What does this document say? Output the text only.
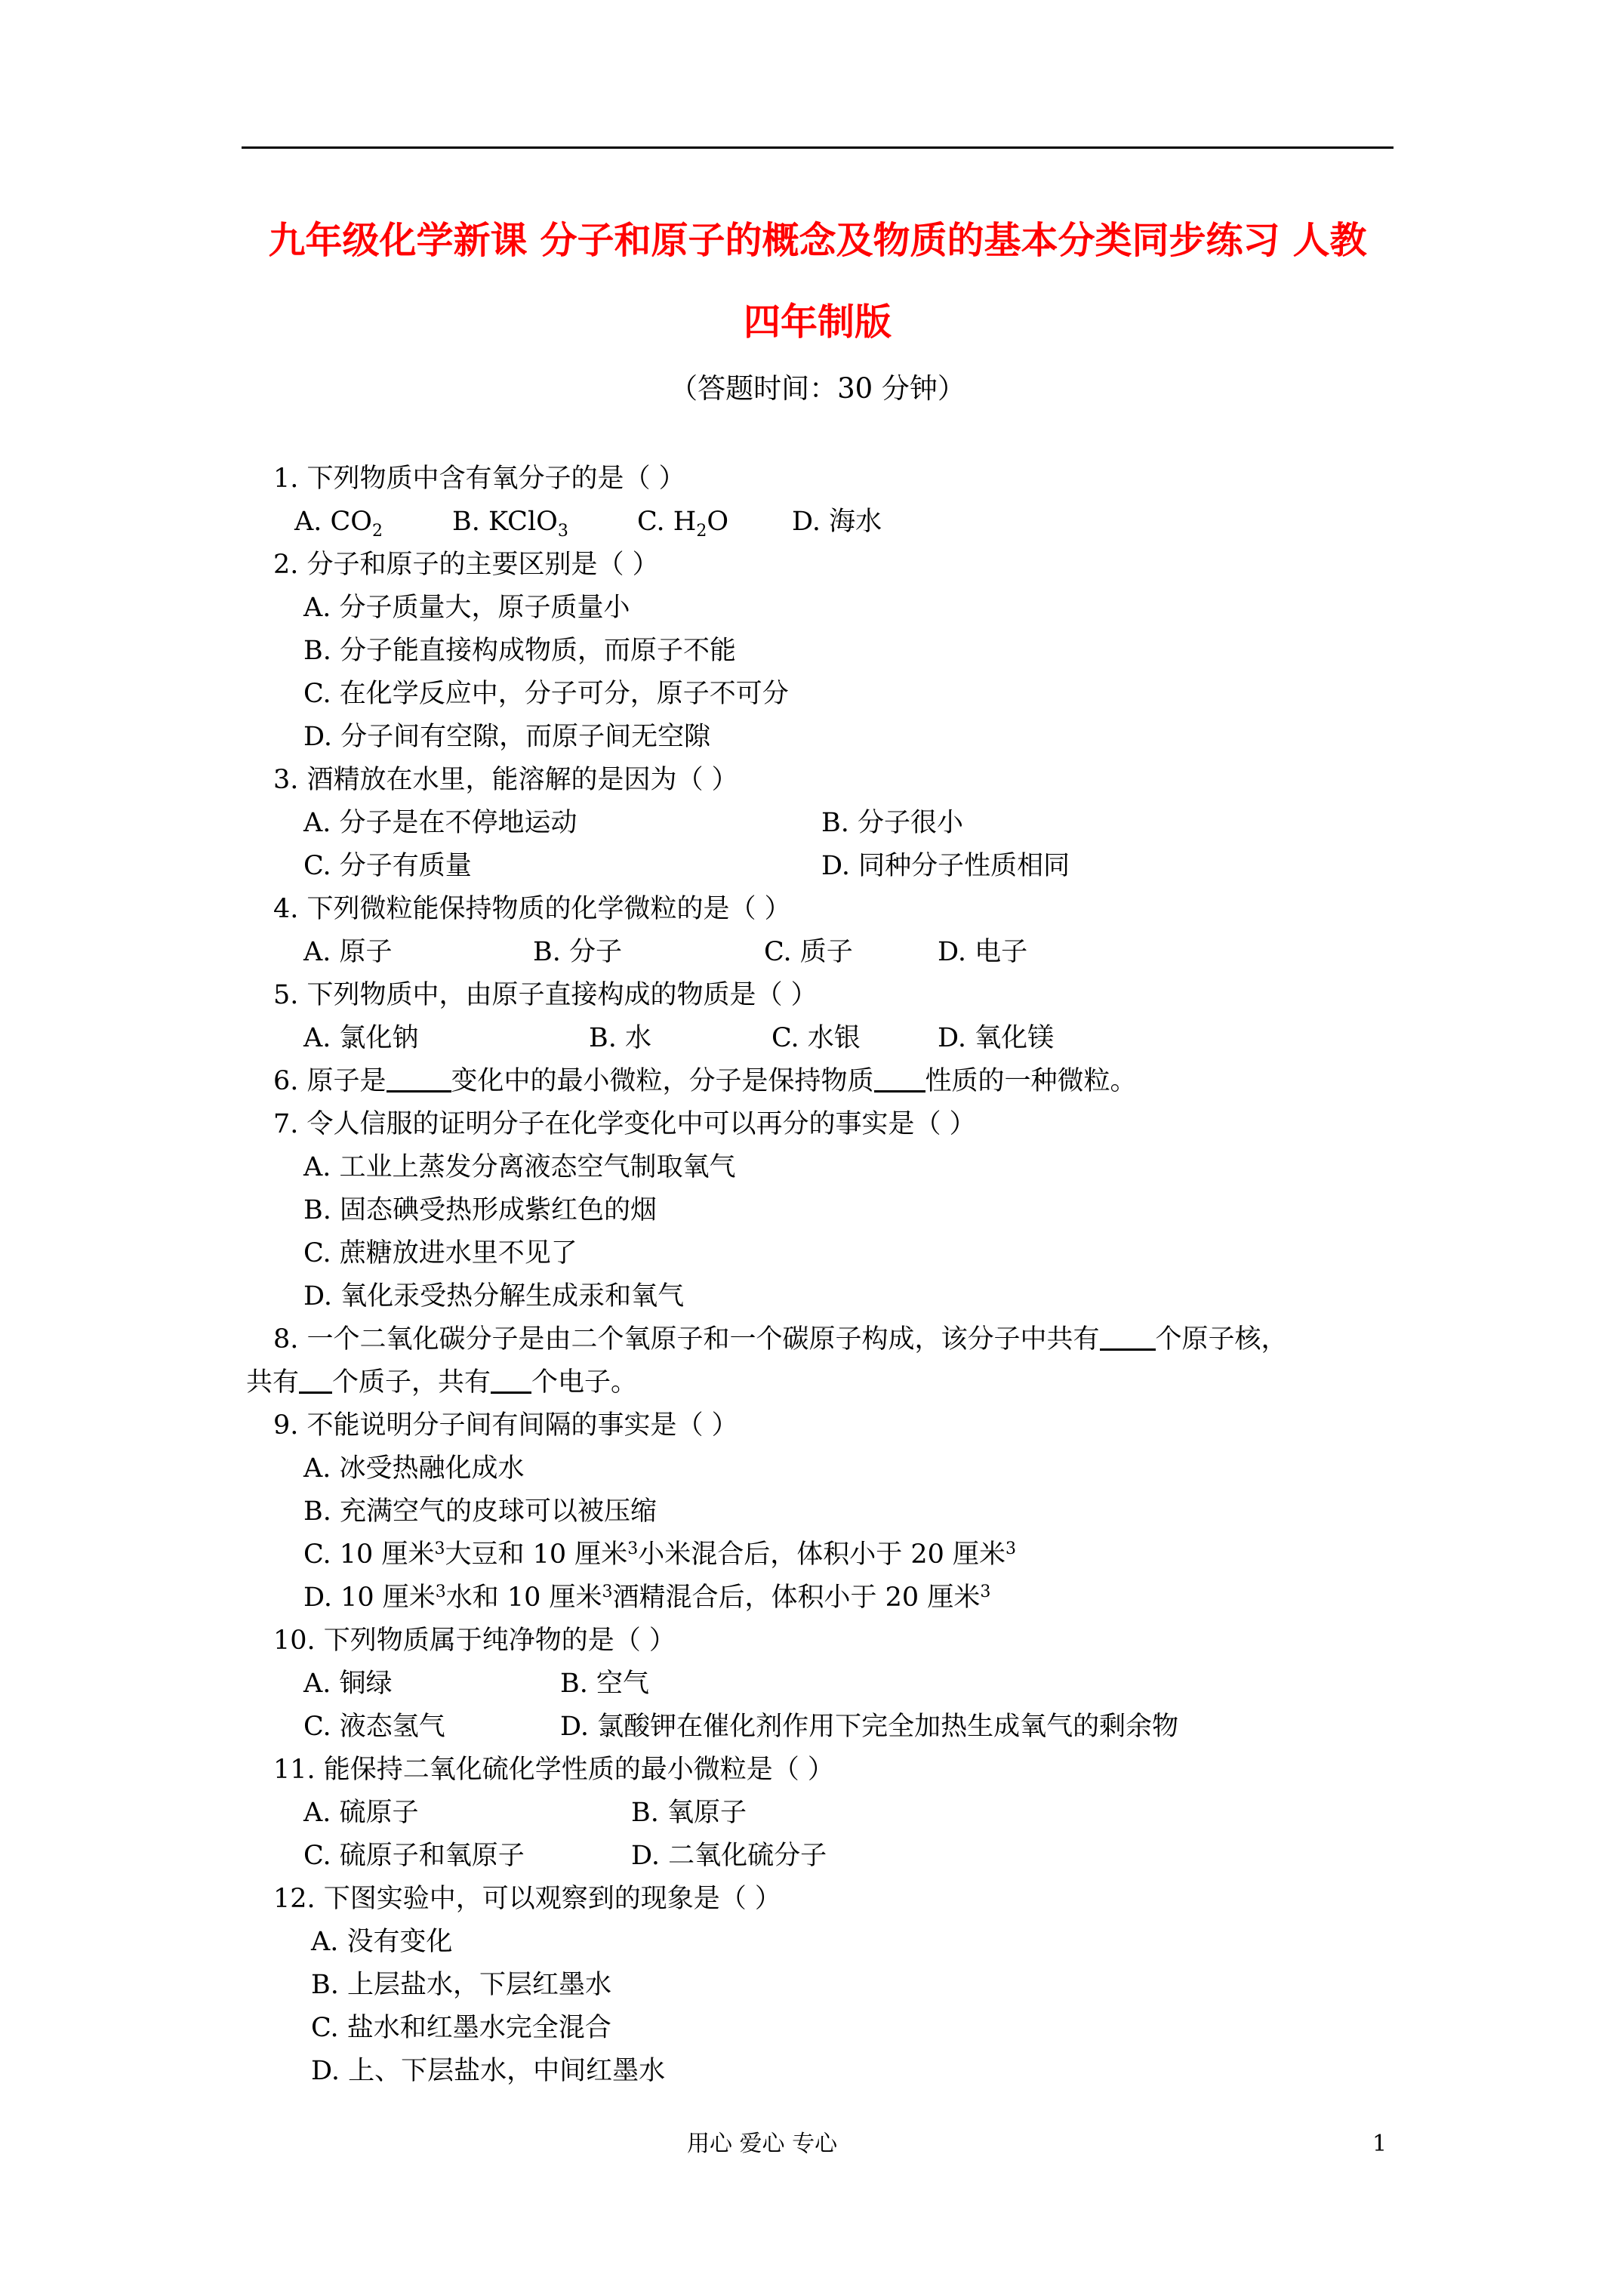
九年级化学新课 分子和原子的概念及物质的基本分类同步练习 人教
四年制版
（答题时间：30 分钟）
1. 下列物质中含有氧分子的是（ ）
A. $CO_2$	B. KClO$_3$	C. $H_2O$ D. 海水
2. 分子和原子的主要区别是（ ）
A. 分子质量大，原子质量小
B. 分子能直接构成物质，而原子不能
C. 在化学反应中，分子可分，原子不可分
D. 分子间有空隙，而原子间无空隙
3. 酒精放在水里，能溶解的是因为（ ）
A. 分子是在不停地运动	B. 分子很小
C. 分子有质量	D. 同种分子性质相同
4. 下列微粒能保持物质的化学微粒的是（ ）
A. 原子	B. 分子	C. 质子	D. 电子
5. 下列物质中，由原子直接构成的物质是（ ）
A. 氯化钠	B. 水	C. 水银	D. 氧化镁
6. 原子是 变化中的最小微粒，分子是保持物质 性质的一种微粒。
7. 令人信服的证明分子在化学变化中可以再分的事实是（ ）
A. 工业上蒸发分离液态空气制取氧气
B. 固态碘受热形成紫红色的烟
C. 蔗糖放进水里不见了
D. 氧化汞受热分解生成汞和氧气
8. 一个二氧化碳分子是由二个氧原子和一个碳原子构成，该分子中共有 个原子核，
共有 个质子，共有 个电子。
9. 不能说明分子间有间隔的事实是（ ）
A. 冰受热融化成水
B. 充满空气的皮球可以被压缩
C. 10 厘米$^3$大豆和 10 厘米$^3$小米混合后，体积小于 20 厘米$^3$
D. 10 厘米$^3$水和 10 厘米$^3$酒精混合后，体积小于 20 厘米$^3$
10. 下列物质属于纯净物的是（ ）
A. 铜绿	B. 空气
C. 液态氢气	D. 氯酸钾在催化剂作用下完全加热生成氧气的剩余物
11. 能保持二氧化硫化学性质的最小微粒是（ ）
A. 硫原子	B. 氧原子
C. 硫原子和氧原子	D. 二氧化硫分子
12. 下图实验中，可以观察到的现象是（ ）
A. 没有变化
B. 上层盐水，下层红墨水
C. 盐水和红墨水完全混合
D. 上、下层盐水，中间红墨水
用心 爱心 专心	1
